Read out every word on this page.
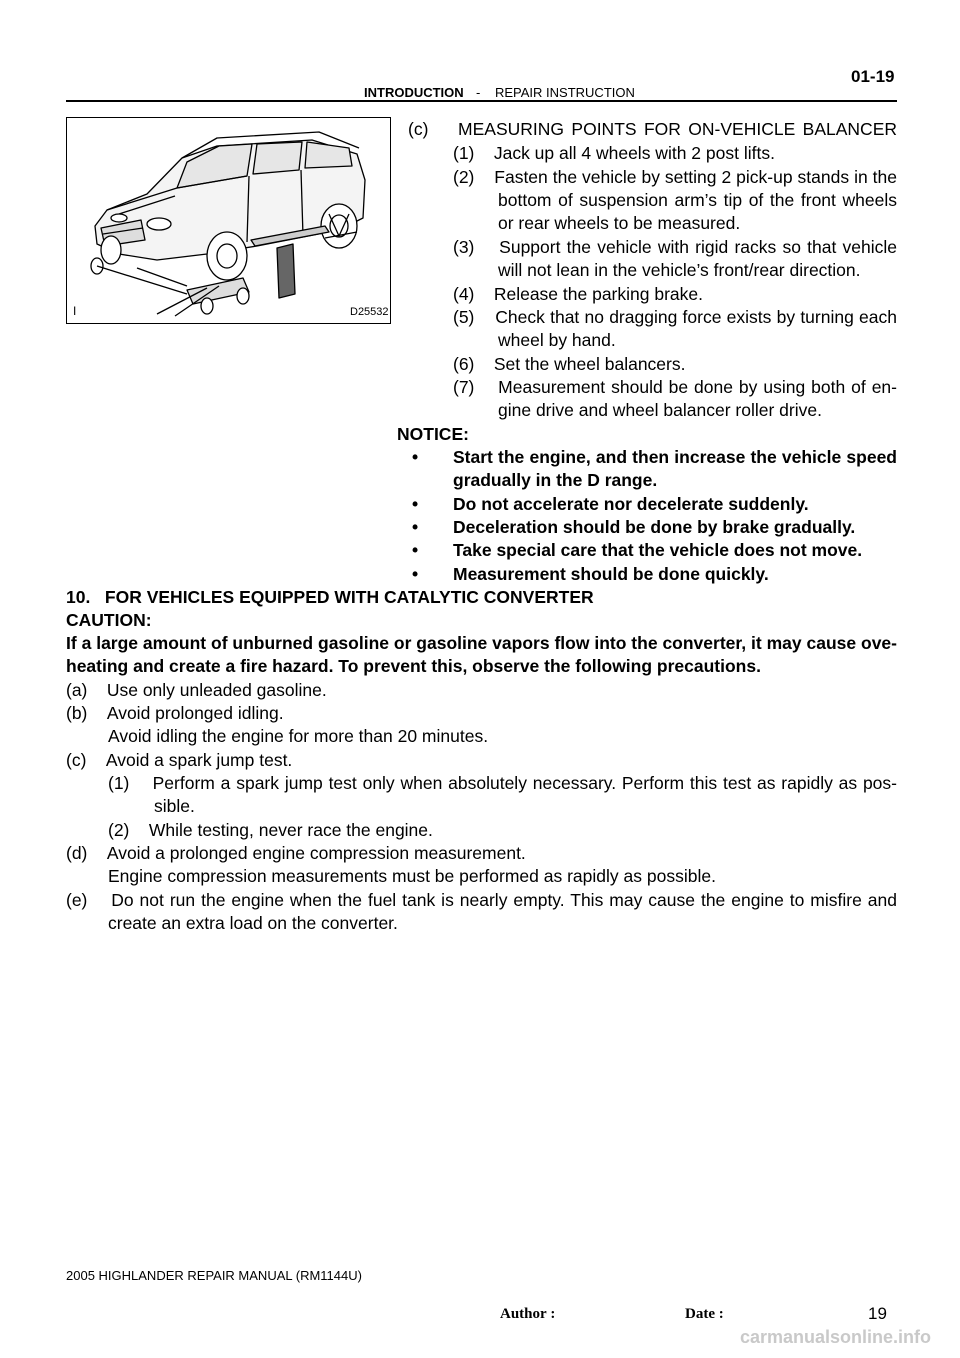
01-19
INTRODUCTION - REPAIR INSTRUCTION
I	D25532
(c)    MEASURING POINTS FOR ON-VEHICLE BALANCER
(1)    Jack up all 4 wheels with 2 post lifts.
(2)    Fasten the vehicle by setting 2 pick-up stands in the
bottom of suspension arm’s tip of the front wheels
or rear wheels to be measured.
(3)    Support the vehicle with rigid racks so that vehicle
will not lean in the vehicle’s front/rear direction.
(4)    Release the parking brake.
(5)    Check that no dragging force exists by turning each
wheel by hand.
(6)    Set the wheel balancers.
(7)    Measurement should be done by using both of en-
gine drive and wheel balancer roller drive.
NOTICE:
• Start the engine, and then increase the vehicle speed
gradually in the D range.
• Do not accelerate nor decelerate suddenly.
• Deceleration should be done by brake gradually.
• Take special care that the vehicle does not move.
• Measurement should be done quickly.
10.   FOR VEHICLES EQUIPPED WITH CATALYTIC CONVERTER
CAUTION:
If a large amount of unburned gasoline or gasoline vapors flow into the converter, it may cause ove-
heating and create a fire hazard. To prevent this, observe the following precautions.
(a)    Use only unleaded gasoline.
(b)    Avoid prolonged idling.
Avoid idling the engine for more than 20 minutes.
(c)    Avoid a spark jump test.
(1)    Perform a spark jump test only when absolutely necessary. Perform this test as rapidly as pos-
sible.
(2)    While testing, never race the engine.
(d)    Avoid a prolonged engine compression measurement.
Engine compression measurements must be performed as rapidly as possible.
(e)    Do not run the engine when the fuel tank is nearly empty. This may cause the engine to misfire and
create an extra load on the converter.
2005 HIGHLANDER REPAIR MANUAL (RM1144U)
Author :	Date :	19
carmanualsonline.info
